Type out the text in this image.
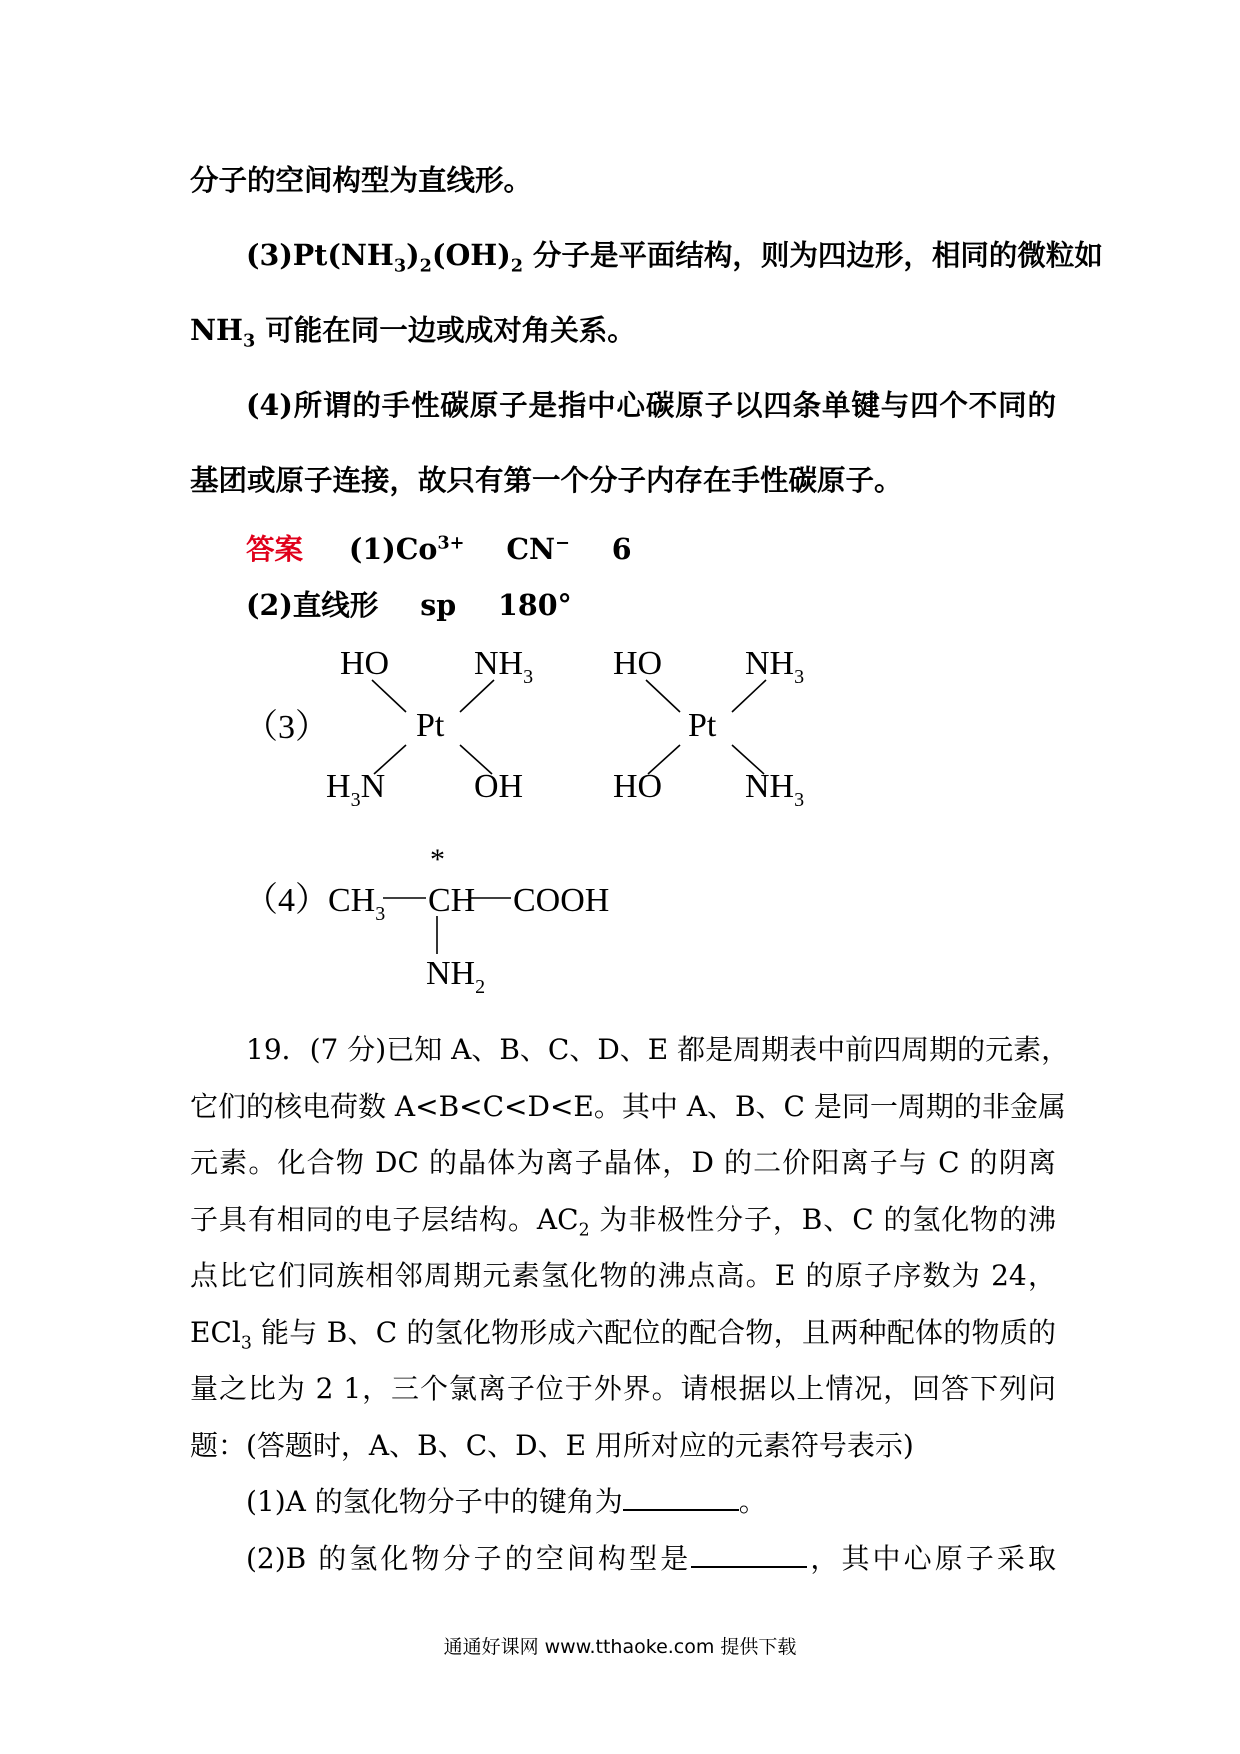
分子的空间构型为直线形。
$(3)Pt(NH_3)_2(OH)_2$ 分子是平面结构，则为四边形，相同的微粒如
$NH_3$ 可能在同一边或成对角关系。
(4)所谓的手性碳原子是指中心碳原子以四条单键与四个不同的
基团或原子连接，故只有第一个分子内存在手性碳原子。
答案 $(1)Co^{3+}$ CN− 6
(2)直线形 sp 180°
（3）
HO $NH_3$
Pt
$H_3N$	OH
HO $NH_3$
Pt
HO $NH_3$
（4） $CH_3$
*
CH COOH
$NH_2$
19．(7 分)已知 A、B、C、D、E 都是周期表中前四周期的元素，
它们的核电荷数 A<B<C<D<E。其中 A、B、C 是同一周期的非金属
元素。化合物 DC 的晶体为离子晶体，D 的二价阳离子与 C 的阴离
子具有相同的电子层结构。$AC_2$ 为非极性分子，B、C 的氢化物的沸
点比它们同族相邻周期元素氢化物的沸点高。E 的原子序数为 24，
ECl$_3$ 能与 B、C 的氢化物形成六配位的配合物，且两种配体的物质的
量之比为 2 1，三个氯离子位于外界。请根据以上情况，回答下列问
题：(答题时，A、B、C、D、E 用所对应的元素符号表示)
(1)A 的氢化物分子中的键角为	。
(2)B 的氢化物分子的空间构型是	，其中心原子采取
通通好课网 www.tthaoke.com 提供下载
